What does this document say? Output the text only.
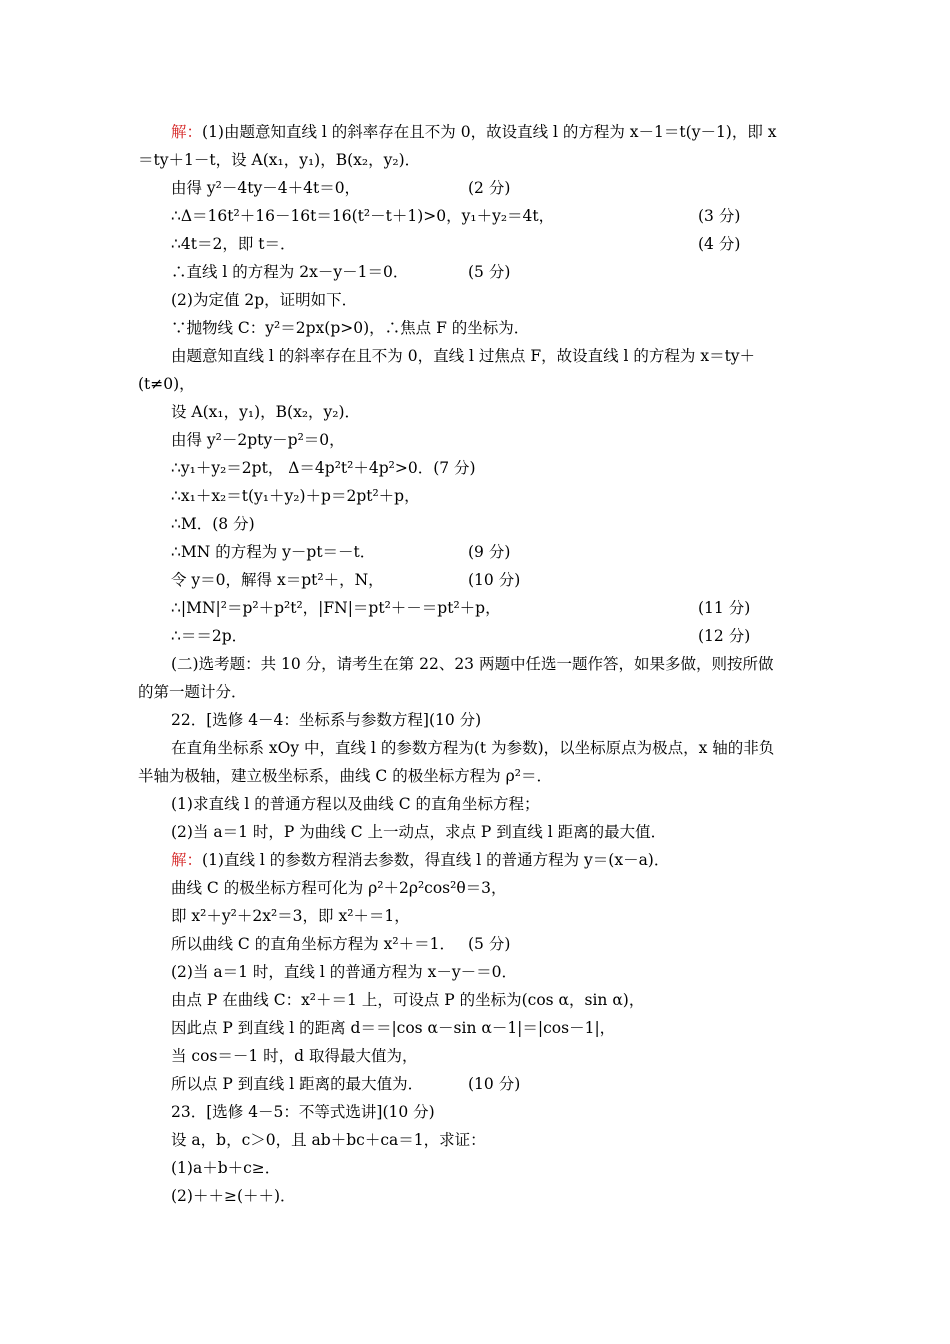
解：(1)由题意知直线 l 的斜率存在且不为 0，故设直线 l 的方程为 x－1＝t(y－1)，即 x
＝ty＋1－t，设 A(x₁，y₁)，B(x₂，y₂)．
由得 y²－4ty－4＋4t＝0，	(2 分)
∴Δ＝16t²＋16－16t＝16(t²－t＋1)>0，y₁＋y₂＝4t，	(3 分)
∴4t＝2，即 t＝．	(4 分)
∴直线 l 的方程为 2x－y－1＝0．	(5 分)
(2)为定值 2p，证明如下．
∵抛物线 C：y²＝2px(p>0)，∴焦点 F 的坐标为．
由题意知直线 l 的斜率存在且不为 0，直线 l 过焦点 F，故设直线 l 的方程为 x＝ty＋
(t≠0)，
设 A(x₁，y₁)，B(x₂，y₂)．
由得 y²－2pty－p²＝0，
∴y₁＋y₂＝2pt， Δ＝4p²t²＋4p²>0．(7 分)
∴x₁＋x₂＝t(y₁＋y₂)＋p＝2pt²＋p，
∴M．(8 分)
∴MN 的方程为 y－pt＝－t．	(9 分)
令 y＝0，解得 x＝pt²＋，N，	(10 分)
∴|MN|²＝p²＋p²t²，|FN|＝pt²＋－＝pt²＋p，	(11 分)
∴＝＝2p．	(12 分)
(二)选考题：共 10 分，请考生在第 22、23 两题中任选一题作答，如果多做，则按所做
的第一题计分．
22．[选修 4－4：坐标系与参数方程](10 分)
在直角坐标系 xOy 中，直线 l 的参数方程为(t 为参数)，以坐标原点为极点，x 轴的非负
半轴为极轴，建立极坐标系，曲线 C 的极坐标方程为 ρ²＝．
(1)求直线 l 的普通方程以及曲线 C 的直角坐标方程；
(2)当 a＝1 时，P 为曲线 C 上一动点，求点 P 到直线 l 距离的最大值．
解：(1)直线 l 的参数方程消去参数，得直线 l 的普通方程为 y＝(x－a)．
曲线 C 的极坐标方程可化为 ρ²＋2ρ²cos²θ＝3，
即 x²＋y²＋2x²＝3，即 x²＋＝1，
所以曲线 C 的直角坐标方程为 x²＋＝1． (5 分)
(2)当 a＝1 时，直线 l 的普通方程为 x－y－＝0．
由点 P 在曲线 C：x²＋＝1 上，可设点 P 的坐标为(cos α，sin α)，
因此点 P 到直线 l 的距离 d＝＝|cos α－sin α－1|＝|cos－1|，
当 cos＝－1 时，d 取得最大值为，
所以点 P 到直线 l 距离的最大值为．	(10 分)
23．[选修 4－5：不等式选讲](10 分)
设 a，b，c＞0，且 ab＋bc＋ca＝1，求证：
(1)a＋b＋c≥．
(2)＋＋≥(＋＋)．
